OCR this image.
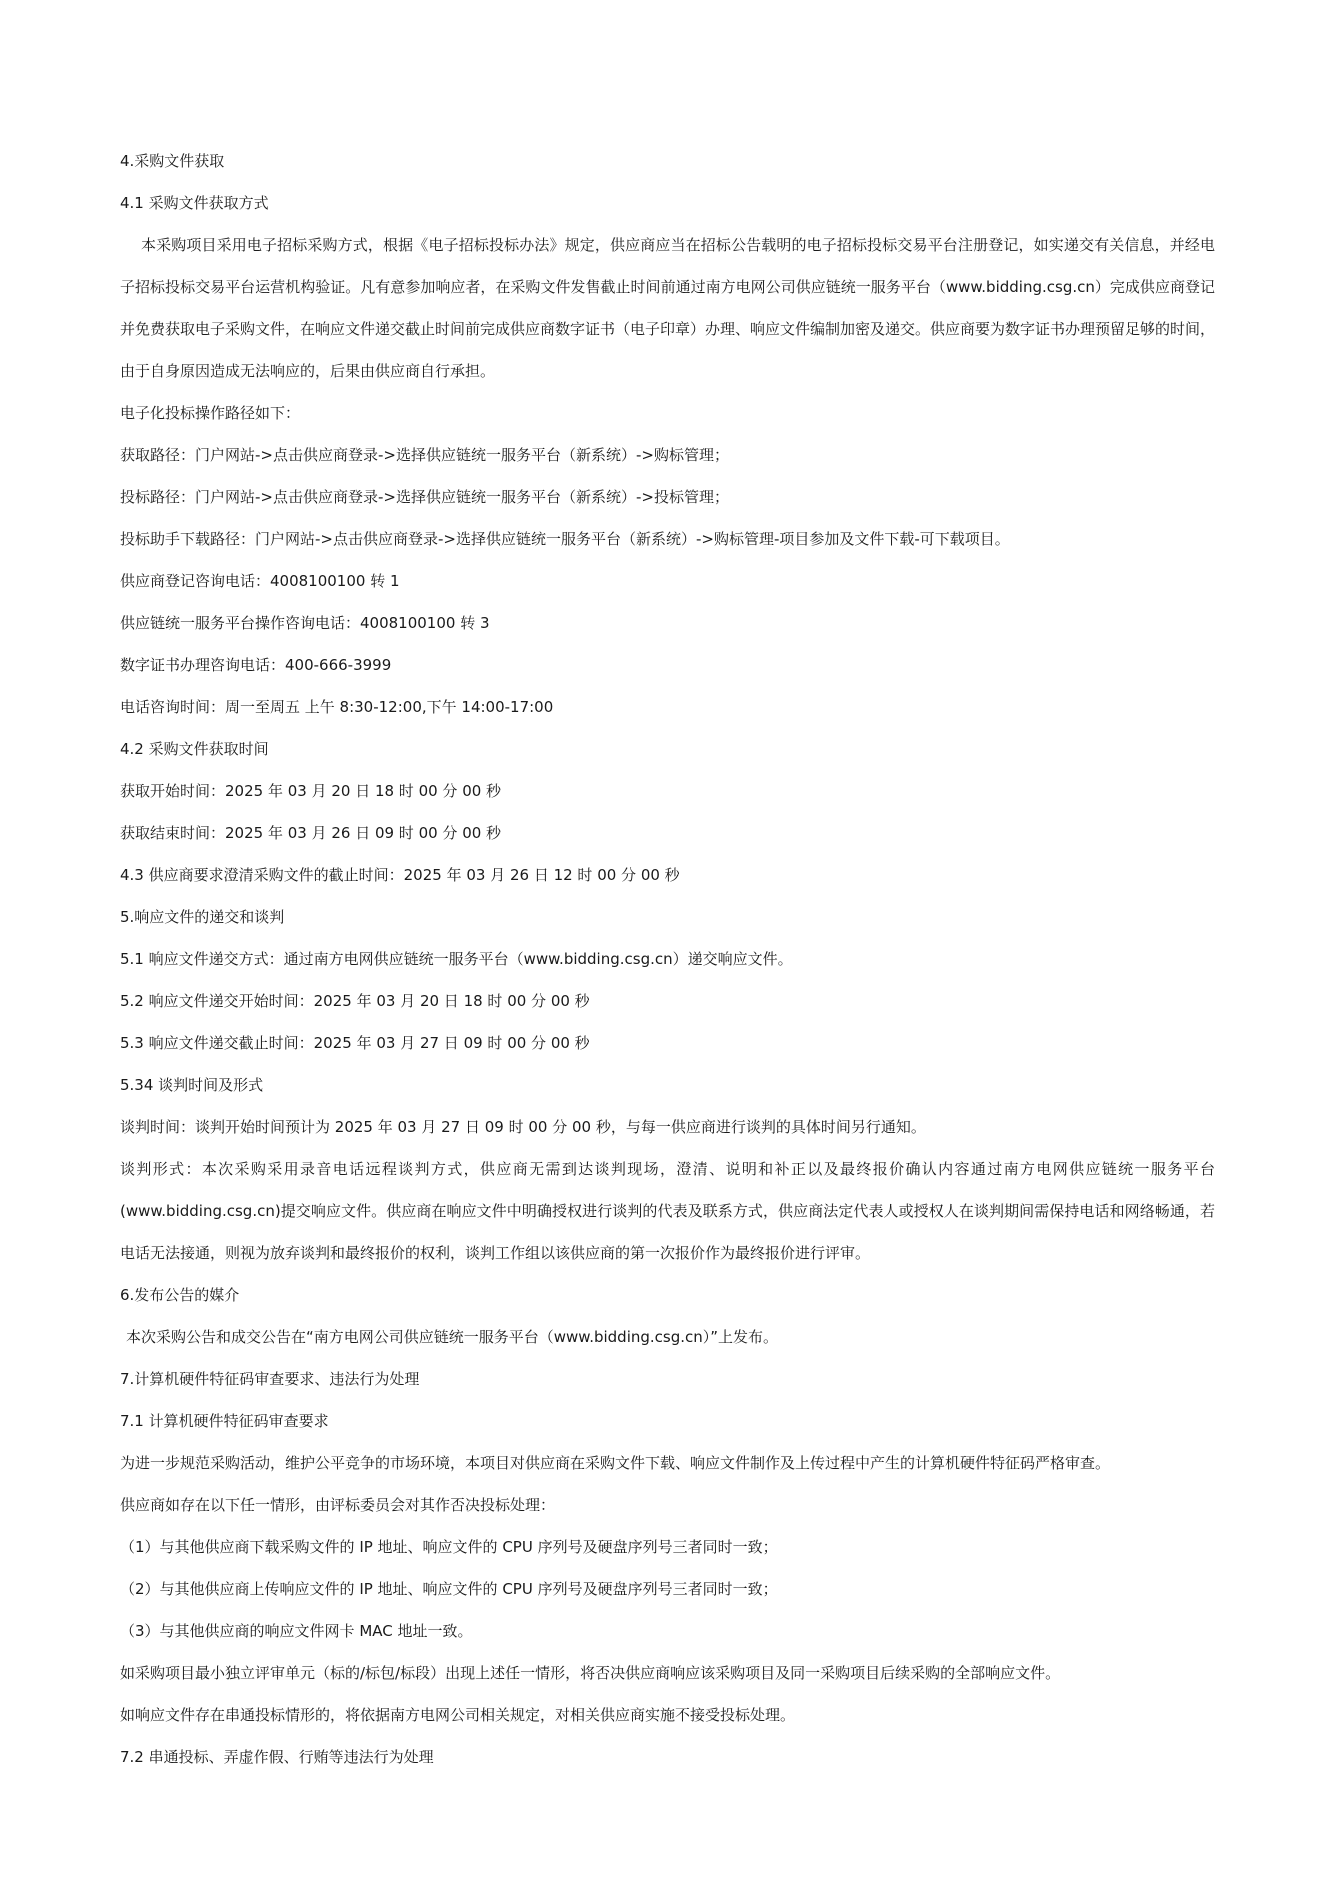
4.采购文件获取
4.1 采购文件获取方式
本采购项目采用电子招标采购方式，根据《电子招标投标办法》规定，供应商应当在招标公告载明的电子招标投标交易平台注册登记，如实递交有关信息，并经电子招标投标交易平台运营机构验证。凡有意参加响应者，在采购文件发售截止时间前通过南方电网公司供应链统一服务平台（www.bidding.csg.cn）完成供应商登记并免费获取电子采购文件，在响应文件递交截止时间前完成供应商数字证书（电子印章）办理、响应文件编制加密及递交。供应商要为数字证书办理预留足够的时间，由于自身原因造成无法响应的，后果由供应商自行承担。
电子化投标操作路径如下：
获取路径：门户网站->点击供应商登录->选择供应链统一服务平台（新系统）->购标管理；
投标路径：门户网站->点击供应商登录->选择供应链统一服务平台（新系统）->投标管理；
投标助手下载路径：门户网站->点击供应商登录->选择供应链统一服务平台（新系统）->购标管理-项目参加及文件下载-可下载项目。
供应商登记咨询电话：4008100100 转 1
供应链统一服务平台操作咨询电话：4008100100 转 3
数字证书办理咨询电话：400-666-3999
电话咨询时间：周一至周五 上午 8:30-12:00,下午 14:00-17:00
4.2 采购文件获取时间
获取开始时间：2025 年 03 月 20 日 18 时 00 分 00 秒
获取结束时间：2025 年 03 月 26 日 09 时 00 分 00 秒
4.3 供应商要求澄清采购文件的截止时间：2025 年 03 月 26 日 12 时 00 分 00 秒
5.响应文件的递交和谈判
5.1 响应文件递交方式：通过南方电网供应链统一服务平台（www.bidding.csg.cn）递交响应文件。
5.2 响应文件递交开始时间：2025 年 03 月 20 日 18 时 00 分 00 秒
5.3 响应文件递交截止时间：2025 年 03 月 27 日 09 时 00 分 00 秒
5.34 谈判时间及形式
谈判时间：谈判开始时间预计为 2025 年 03 月 27 日 09 时 00 分 00 秒，与每一供应商进行谈判的具体时间另行通知。
谈判形式：本次采购采用录音电话远程谈判方式，供应商无需到达谈判现场，澄清、说明和补正以及最终报价确认内容通过南方电网供应链统一服务平台(www.bidding.csg.cn)提交响应文件。供应商在响应文件中明确授权进行谈判的代表及联系方式，供应商法定代表人或授权人在谈判期间需保持电话和网络畅通，若电话无法接通，则视为放弃谈判和最终报价的权利，谈判工作组以该供应商的第一次报价作为最终报价进行评审。
6.发布公告的媒介
本次采购公告和成交公告在“南方电网公司供应链统一服务平台（www.bidding.csg.cn）”上发布。
7.计算机硬件特征码审查要求、违法行为处理
7.1 计算机硬件特征码审查要求
为进一步规范采购活动，维护公平竞争的市场环境，本项目对供应商在采购文件下载、响应文件制作及上传过程中产生的计算机硬件特征码严格审查。
供应商如存在以下任一情形，由评标委员会对其作否决投标处理：
（1）与其他供应商下载采购文件的 IP 地址、响应文件的 CPU 序列号及硬盘序列号三者同时一致；
（2）与其他供应商上传响应文件的 IP 地址、响应文件的 CPU 序列号及硬盘序列号三者同时一致；
（3）与其他供应商的响应文件网卡 MAC 地址一致。
如采购项目最小独立评审单元（标的/标包/标段）出现上述任一情形，将否决供应商响应该采购项目及同一采购项目后续采购的全部响应文件。
如响应文件存在串通投标情形的，将依据南方电网公司相关规定，对相关供应商实施不接受投标处理。
7.2 串通投标、弄虚作假、行贿等违法行为处理
